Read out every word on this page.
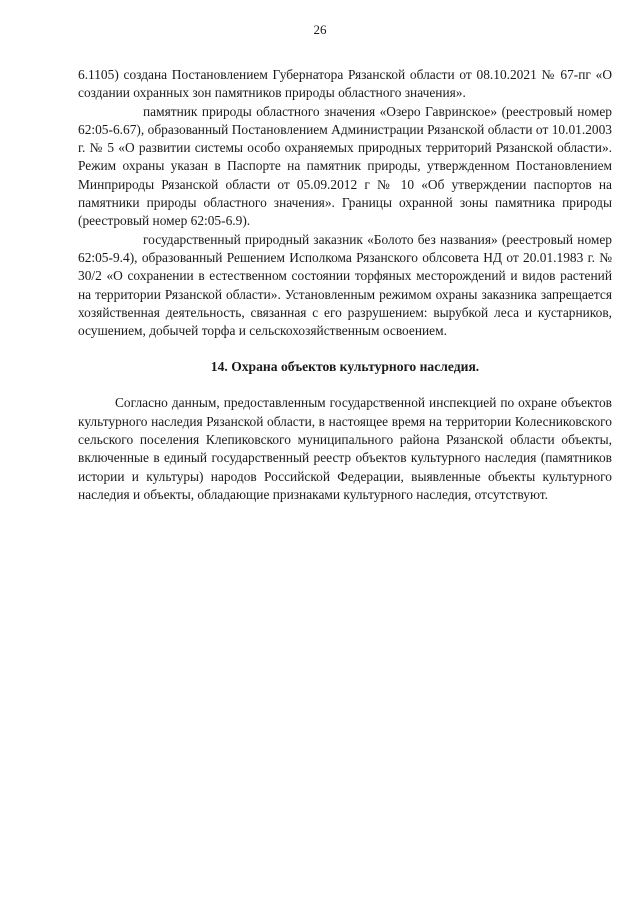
26

6.1105) создана Постановлением Губернатора Рязанской области от 08.10.2021 № 67-пг «О создании охранных зон памятников природы областного значения».

памятник природы областного значения «Озеро Гавринское» (реестровый номер 62:05-6.67), образованный Постановлением Администрации Рязанской области от 10.01.2003 г. № 5 «О развитии системы особо охраняемых природных территорий Рязанской области». Режим охраны указан в Паспорте на памятник природы, утвержденном Постановлением Минприроды Рязанской области от 05.09.2012 г № 10 «Об утверждении паспортов на памятники природы областного значения». Границы охранной зоны памятника природы (реестровый номер 62:05-6.9).

государственный природный заказник «Болото без названия» (реестровый номер 62:05-9.4), образованный Решением Исполкома Рязанского облсовета НД от 20.01.1983 г. № 30/2 «О сохранении в естественном состоянии торфяных месторождений и видов растений на территории Рязанской области». Установленным режимом охраны заказника запрещается хозяйственная деятельность, связанная с его разрушением: вырубкой леса и кустарников, осушением, добычей торфа и сельскохозяйственным освоением.

14. Охрана объектов культурного наследия.

Согласно данным, предоставленным государственной инспекцией по охране объектов культурного наследия Рязанской области, в настоящее время на территории Колесниковского сельского поселения Клепиковского муниципального района Рязанской области объекты, включенные в единый государственный реестр объектов культурного наследия (памятников истории и культуры) народов Российской Федерации, выявленные объекты культурного наследия и объекты, обладающие признаками культурного наследия, отсутствуют.
